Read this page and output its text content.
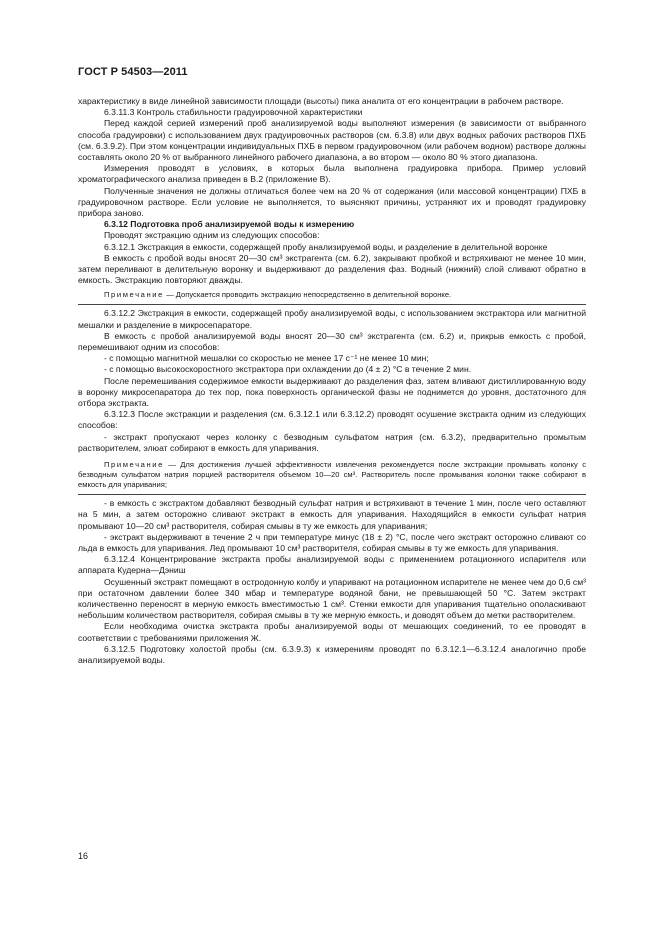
ГОСТ Р 54503—2011

характеристику в виде линейной зависимости площади (высоты) пика аналита от его концентрации в рабочем растворе.

6.3.11.3 Контроль стабильности градуировочной характеристики

Перед каждой серией измерений проб анализируемой воды выполняют измерения (в зависимости от выбранного способа градуировки) с использованием двух градуировочных растворов (см. 6.3.8) или двух водных рабочих растворов ПХБ (см. 6.3.9.2). При этом концентрации индивидуальных ПХБ в первом градуировочном (или рабочем водном) растворе должны составлять около 20 % от выбранного линейного рабочего диапазона, а во втором — около 80 % этого диапазона.

Измерения проводят в условиях, в которых была выполнена градуировка прибора. Пример условий хроматографического анализа приведен в В.2 (приложение В).

Полученные значения не должны отличаться более чем на 20 % от содержания (или массовой концентрации) ПХБ в градуировочном растворе. Если условие не выполняется, то выясняют причины, устраняют их и проводят градуировку прибора заново.

6.3.12 Подготовка проб анализируемой воды к измерению

Проводят экстракцию одним из следующих способов:

6.3.12.1 Экстракция в емкости, содержащей пробу анализируемой воды, и разделение в делительной воронке

В емкость с пробой воды вносят 20—30 см³ экстрагента (см. 6.2), закрывают пробкой и встряхивают не менее 10 мин, затем переливают в делительную воронку и выдерживают до разделения фаз. Водный (нижний) слой сливают обратно в емкость. Экстракцию повторяют дважды.

Примечание — Допускается проводить экстракцию непосредственно в делительной воронке.

6.3.12.2 Экстракция в емкости, содержащей пробу анализируемой воды, с использованием экстрактора или магнитной мешалки и разделение в микросепараторе.

В емкость с пробой анализируемой воды вносят 20—30 см³ экстрагента (см. 6.2) и, прикрыв емкость с пробой, перемешивают одним из способов:

- с помощью магнитной мешалки со скоростью не менее 17 с⁻¹ не менее 10 мин;

- с помощью высокоскоростного экстрактора при охлаждении до (4 ± 2) °С в течение 2 мин.

После перемешивания содержимое емкости выдерживают до разделения фаз, затем вливают дистиллированную воду в воронку микросепаратора до тех пор, пока поверхность органической фазы не поднимется до уровня, достаточного для отбора экстракта.

6.3.12.3 После экстракции и разделения (см. 6.3.12.1 или 6.3.12.2) проводят осушение экстракта одним из следующих способов:

- экстракт пропускают через колонку с безводным сульфатом натрия (см. 6.3.2), предварительно промытым растворителем, элюат собирают в емкость для упаривания.

Примечание — Для достижения лучшей эффективности извлечения рекомендуется после экстракции промывать колонку с безводным сульфатом натрия порцией растворителя объемом 10—20 см³. Растворитель после промывания колонки также собирают в емкость для упаривания;

- в емкость с экстрактом добавляют безводный сульфат натрия и встряхивают в течение 1 мин, после чего оставляют на 5 мин, а затем осторожно сливают экстракт в емкость для упаривания. Находящийся в емкости сульфат натрия промывают 10—20 см³ растворителя, собирая смывы в ту же емкость для упаривания;

- экстракт выдерживают в течение 2 ч при температуре минус (18 ± 2) °С, после чего экстракт осторожно сливают со льда в емкость для упаривания. Лед промывают 10 см³ растворителя, собирая смывы в ту же емкость для упаривания.

6.3.12.4 Концентрирование экстракта пробы анализируемой воды с применением ротационного испарителя или аппарата Кудерна—Дэниш

Осушенный экстракт помещают в остродонную колбу и упаривают на ротационном испарителе не менее чем до 0,6 см³ при остаточном давлении более 340 мбар и температуре водяной бани, не превышающей 50 °С. Затем экстракт количественно переносят в мерную емкость вместимостью 1 см³. Стенки емкости для упаривания тщательно ополаскивают небольшим количеством растворителя, собирая смывы в ту же мерную емкость, и доводят объем до метки растворителем.

Если необходима очистка экстракта пробы анализируемой воды от мешающих соединений, то ее проводят в соответствии с требованиями приложения Ж.

6.3.12.5 Подготовку холостой пробы (см. 6.3.9.3) к измерениям проводят по 6.3.12.1—6.3.12.4 аналогично пробе анализируемой воды.

16
